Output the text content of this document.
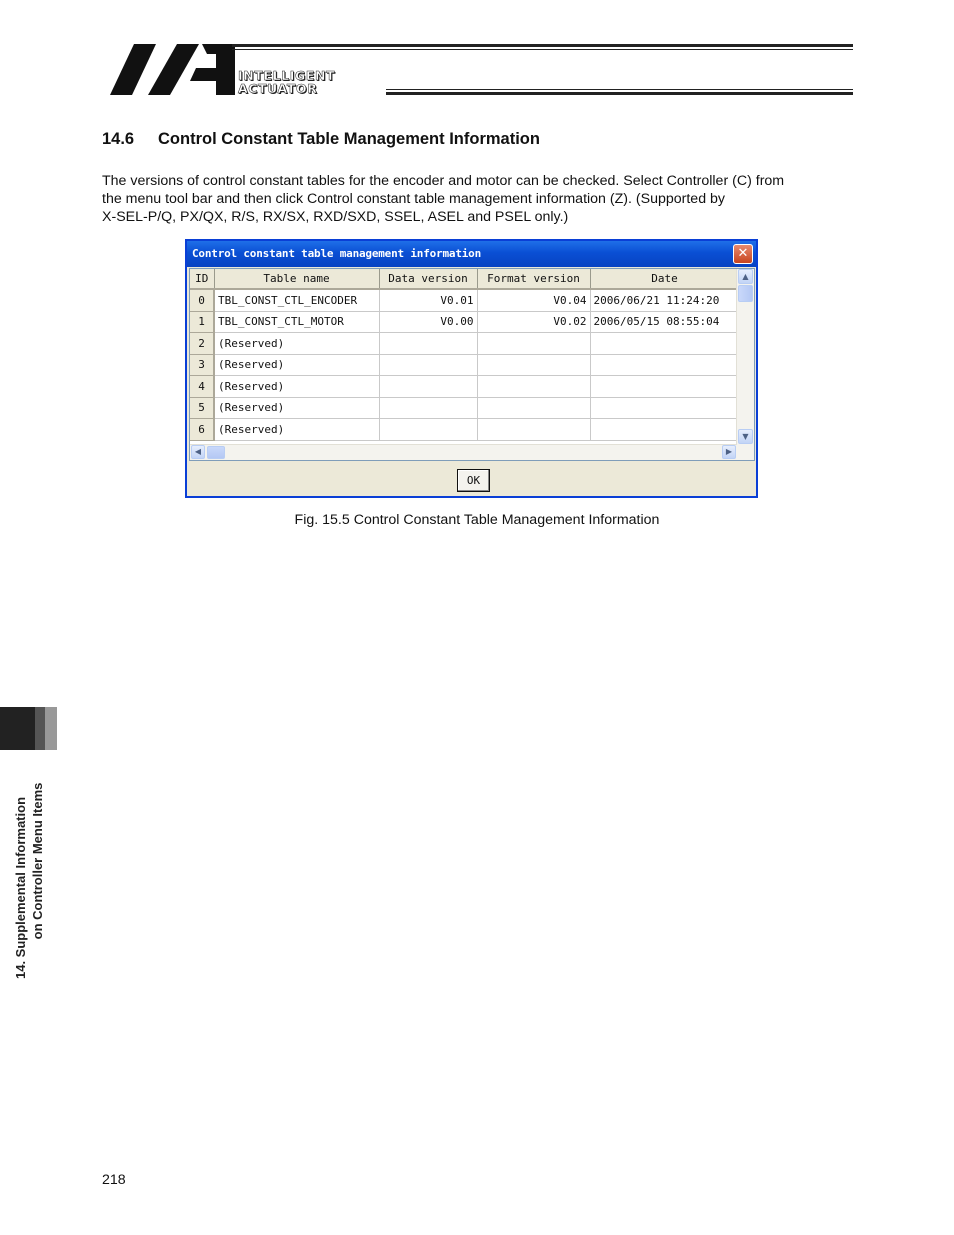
INTELLIGENT
ACTUATOR
14.6 Control Constant Table Management Information

The versions of control constant tables for the encoder and motor can be checked. Select Controller (C) from

the menu tool bar and then click Control constant table management information (Z). (Supported by

X-SEL-P/Q, PX/QX, R/S, RX/SX, RXD/SXD, SSEL, ASEL and PSEL only.)

Control constant table management information	✕
ID	Table name	Data version	Format version	Date
0	TBL_CONST_CTL_ENCODER	V0.01	V0.04	2006/06/21 11:24:20
1	TBL_CONST_CTL_MOTOR	V0.00	V0.02	2006/05/15 08:55:04
2	(Reserved)			
3	(Reserved)			
4	(Reserved)			
5	(Reserved)			
6	(Reserved)			
▲
▼
◀	▶
OK
Fig. 15.5 Control Constant Table Management Information
14. Supplemental Information on Controller Menu Items
218
